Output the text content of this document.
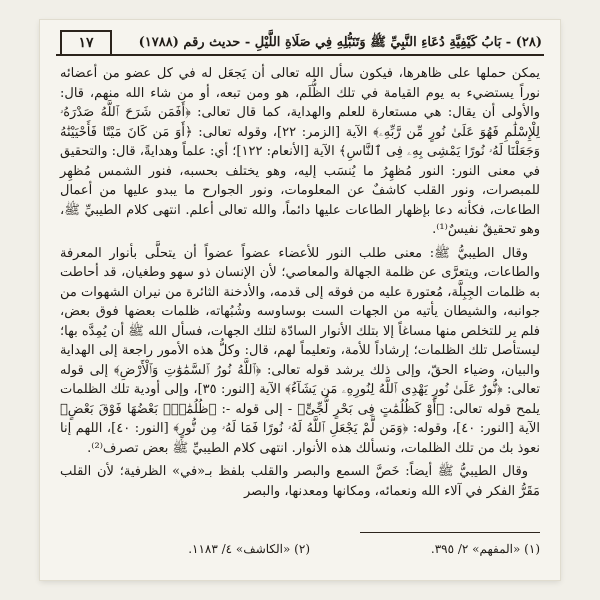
(٢٨) - بَابُ كَيْفِيَّةِ دُعَاءِ النَّبِيِّ ﷺ وَتَنَبُّلِهِ فِي صَلَاةِ اللَّيْلِ - حديث رقم (١٧٨٨)
١٧

يمكن حملها على ظاهرها، فيكون سأل الله تعالى أن يَجعَل له في كل عضو من أعضائه نوراً يستضيء به يوم القيامة في تلك الظُّلَم، هو ومن تبعه، أو من شاء الله منهم، قال: والأولى أن يقال: هي مستعارة للعلم والهداية، كما قال تعالى: ﴿أَفَمَن شَرَحَ ٱللَّهُ صَدْرَهُۥ لِلْإِسْلَٰمِ فَهُوَ عَلَىٰ نُورٍ مِّن رَّبِّهِۦ﴾ الآية [الزمر: ٢٢]، وقوله تعالى: ﴿أَوَ مَن كَانَ مَيْتًا فَأَحْيَيْنَٰهُ وَجَعَلْنَا لَهُۥ نُورًا يَمْشِى بِهِۦ فِى ٱلنَّاسِ﴾ الآية [الأنعام: ١٢٢]؛ أي: علماً وهدايةً، قال: والتحقيق في معنى النور: النور مُظهِرُ ما يُنسَب إليه، وهو يختلف بحسبه، فنور الشمس مُظهِر للمبصرات، ونور القلب كاشفٌ عن المعلومات، ونور الجوارح ما يبدو عليها من أعمال الطاعات، فكأنه دعا بإظهار الطاعات عليها دائماً، والله تعالى أعلم. انتهى كلام الطيبيِّ ﷺ، وهو تحقيقٌ نفيسٌ⁽¹⁾.

وقال الطيبيُّ ﷺ: معنى طلب النور للأعضاء عضواً عضواً أن يتحلَّى بأنوار المعرفة والطاعات، ويتعرَّى عن ظلمة الجهالة والمعاصي؛ لأن الإنسان ذو سهو وطغيان، قد أحاطت به ظلمات الجِبِلَّة، مُعتورة عليه من فوقه إلى قدمه، والأدخنة الثائرة من نيران الشهوات من جوانبه، والشيطان يأتيه من الجهات الست بوساوسه وشُبُهاته، ظلمات بعضها فوق بعض، فلم ير للتخلص منها مساغاً إلا بتلك الأنوار السادّة لتلك الجهات، فسأل الله ﷺ أن يُمِدَّه بها؛ ليستأصل تلك الظلمات؛ إرشاداً للأمة، وتعليماً لهم، قال: وكلُّ هذه الأمور راجعة إلى الهداية والبيان، وضياء الحقّ، وإلى ذلك يرشد قوله تعالى: ﴿ٱللَّهُ نُورُ ٱلسَّمَٰوَٰتِ وَٱلْأَرْضِ﴾ إلى قوله تعالى: ﴿نُّورٌ عَلَىٰ نُورٍ يَهْدِى ٱللَّهُ لِنُورِهِۦ مَن يَشَآءُ﴾ الآية [النور: ٣٥]، وإلى أودية تلك الظلمات يلمح قوله تعالى: ﴿أَوْ كَظُلُمَٰتٍ فِى بَحْرٍ لُّجِّىٍّ﴾ - إلى قوله -: ﴿ظُلُمَٰتٌۢ بَعْضُهَا فَوْقَ بَعْضٍ﴾ الآية [النور: ٤٠]، وقوله: ﴿وَمَن لَّمْ يَجْعَلِ ٱللَّهُ لَهُۥ نُورًا فَمَا لَهُۥ مِن نُّورٍ﴾ [النور: ٤٠]، اللهم إنا نعوذ بك من تلك الظلمات، ونسألك هذه الأنوار. انتهى كلام الطيبيِّ ﷺ بعض تصرف⁽²⁾.

وقال الطيبيُّ ﷺ أيضاً: خَصَّ السمع والبصر والقلب بلفظ بـ«في» الظرفية؛ لأن القلب مَقَرُّ الفكر في آلاء الله ونعمائه، ومكانها ومعدنها، والبصر

(١) «المفهم» ٢/ ٣٩٥.
(٢) «الكاشف» ٤/ ١١٨٣.
